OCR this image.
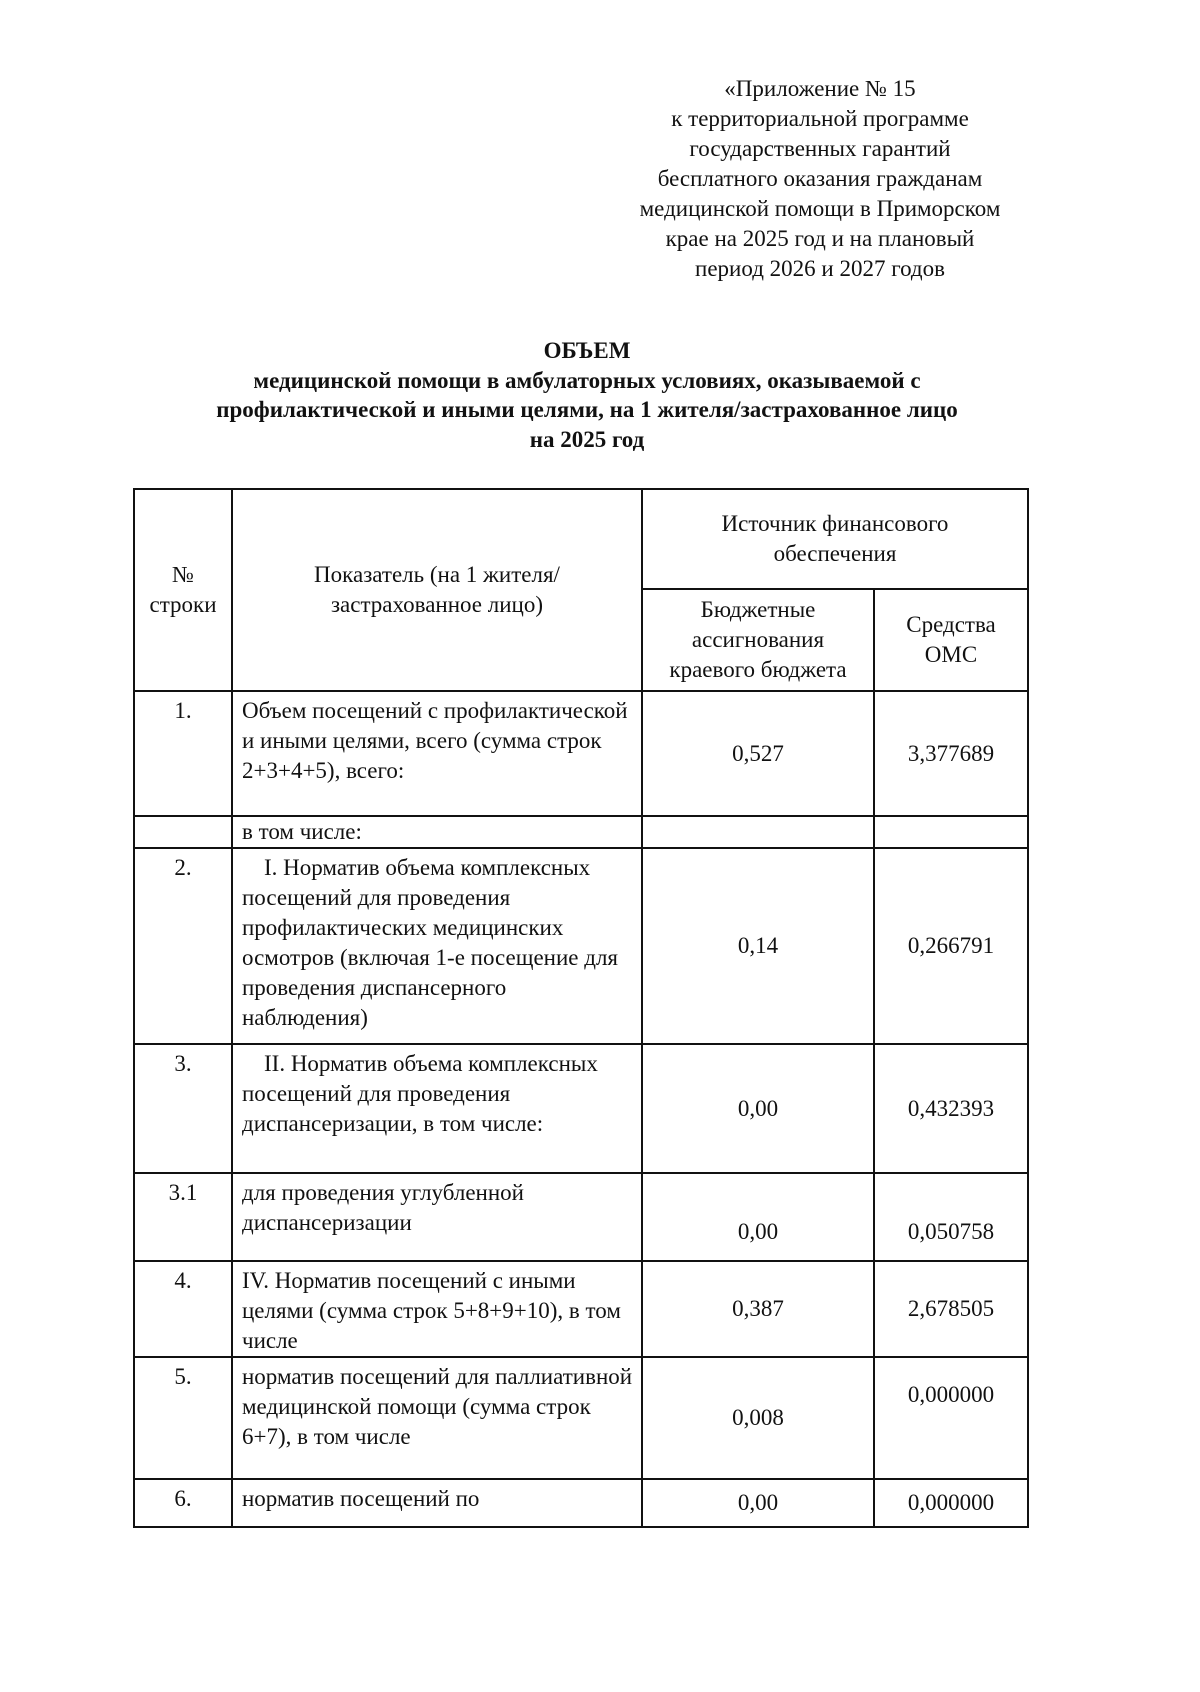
«Приложение № 15
к территориальной программе
государственных гарантий
бесплатного оказания гражданам
медицинской помощи в Приморском
крае на 2025 год и на плановый
период 2026 и 2027 годов
ОБЪЕМ
медицинской помощи в амбулаторных условиях, оказываемой с
профилактической и иными целями, на 1 жителя/застрахованное лицо
на 2025 год
№ строки	Показатель (на 1 жителя/застрахованное лицо)	Источник финансового обеспечения	
		Бюджетные ассигнования краевого бюджета	Средства ОМС
1.	Объем посещений с профилактической и иными целями, всего (сумма строк 2+3+4+5), всего:	0,527	3,377689
	в том числе:		
2.	I. Норматив объема комплексных посещений для проведения профилактических медицинских осмотров (включая 1-е посещение для проведения диспансерного наблюдения)	0,14	0,266791
3.	II. Норматив объема комплексных посещений для проведения диспансеризации, в том числе:	0,00	0,432393
3.1	для проведения углубленной диспансеризации	0,00	0,050758
4.	IV. Норматив посещений с иными целями (сумма строк 5+8+9+10), в том числе	0,387	2,678505
5.	норматив посещений для паллиативной медицинской помощи (сумма строк 6+7), в том числе	0,008	0,000000
6.	норматив посещений по	0,00	0,000000
